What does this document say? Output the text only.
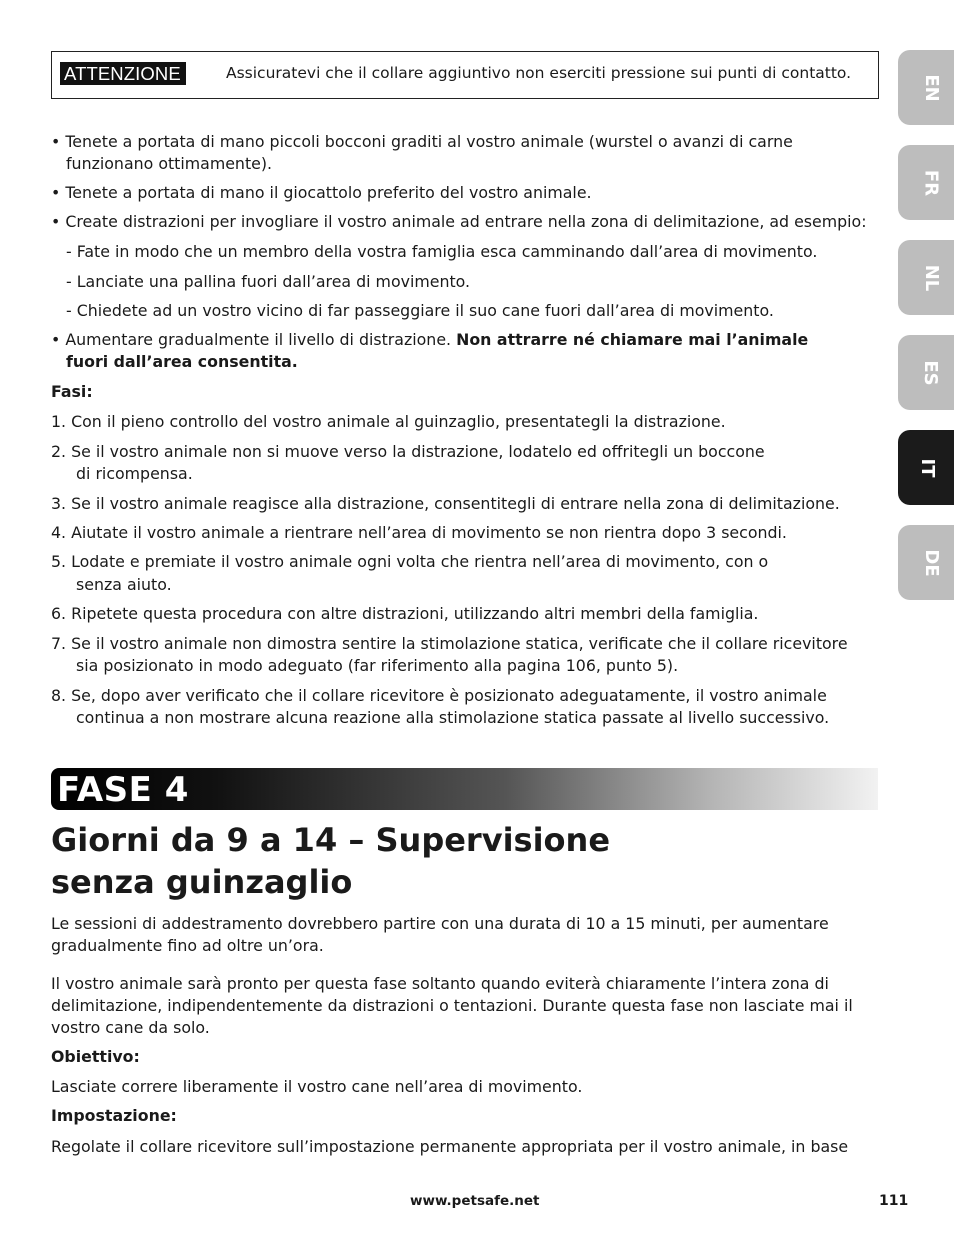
ATTENZIONE	Assicuratevi che il collare aggiuntivo non eserciti pressione sui punti di contatto.
EN
FR
NL
ES
IT
DE
• Tenete a portata di mano piccoli bocconi graditi al vostro animale (wurstel o avanzi di carne
funzionano ottimamente).
• Tenete a portata di mano il giocattolo preferito del vostro animale.
• Create distrazioni per invogliare il vostro animale ad entrare nella zona di delimitazione, ad esempio:
- Fate in modo che un membro della vostra famiglia esca camminando dall’area di movimento.
- Lanciate una pallina fuori dall’area di movimento.
- Chiedete ad un vostro vicino di far passeggiare il suo cane fuori dall’area di movimento.
• Aumentare gradualmente il livello di distrazione. Non attrarre né chiamare mai l’animale
fuori dall’area consentita.
Fasi:
1. Con il pieno controllo del vostro animale al guinzaglio, presentategli la distrazione.
2. Se il vostro animale non si muove verso la distrazione, lodatelo ed offritegli un boccone
di ricompensa.
3. Se il vostro animale reagisce alla distrazione, consentitegli di entrare nella zona di delimitazione.
4. Aiutate il vostro animale a rientrare nell’area di movimento se non rientra dopo 3 secondi.
5. Lodate e premiate il vostro animale ogni volta che rientra nell’area di movimento, con o
senza aiuto.
6. Ripetete questa procedura con altre distrazioni, utilizzando altri membri della famiglia.
7. Se il vostro animale non dimostra sentire la stimolazione statica, verificate che il collare ricevitore
sia posizionato in modo adeguato (far riferimento alla pagina 106, punto 5).
8. Se, dopo aver verificato che il collare ricevitore è posizionato adeguatamente, il vostro animale
continua a non mostrare alcuna reazione alla stimolazione statica passate al livello successivo.
FASE 4
Giorni da 9 a 14 – Supervisione
senza guinzaglio
Le sessioni di addestramento dovrebbero partire con una durata di 10 a 15 minuti, per aumentare
gradualmente fino ad oltre un’ora.
Il vostro animale sarà pronto per questa fase soltanto quando eviterà chiaramente l’intera zona di
delimitazione, indipendentemente da distrazioni o tentazioni. Durante questa fase non lasciate mai il
vostro cane da solo.
Obiettivo:
Lasciate correre liberamente il vostro cane nell’area di movimento.
Impostazione:
Regolate il collare ricevitore sull’impostazione permanente appropriata per il vostro animale, in base
www.petsafe.net	111
